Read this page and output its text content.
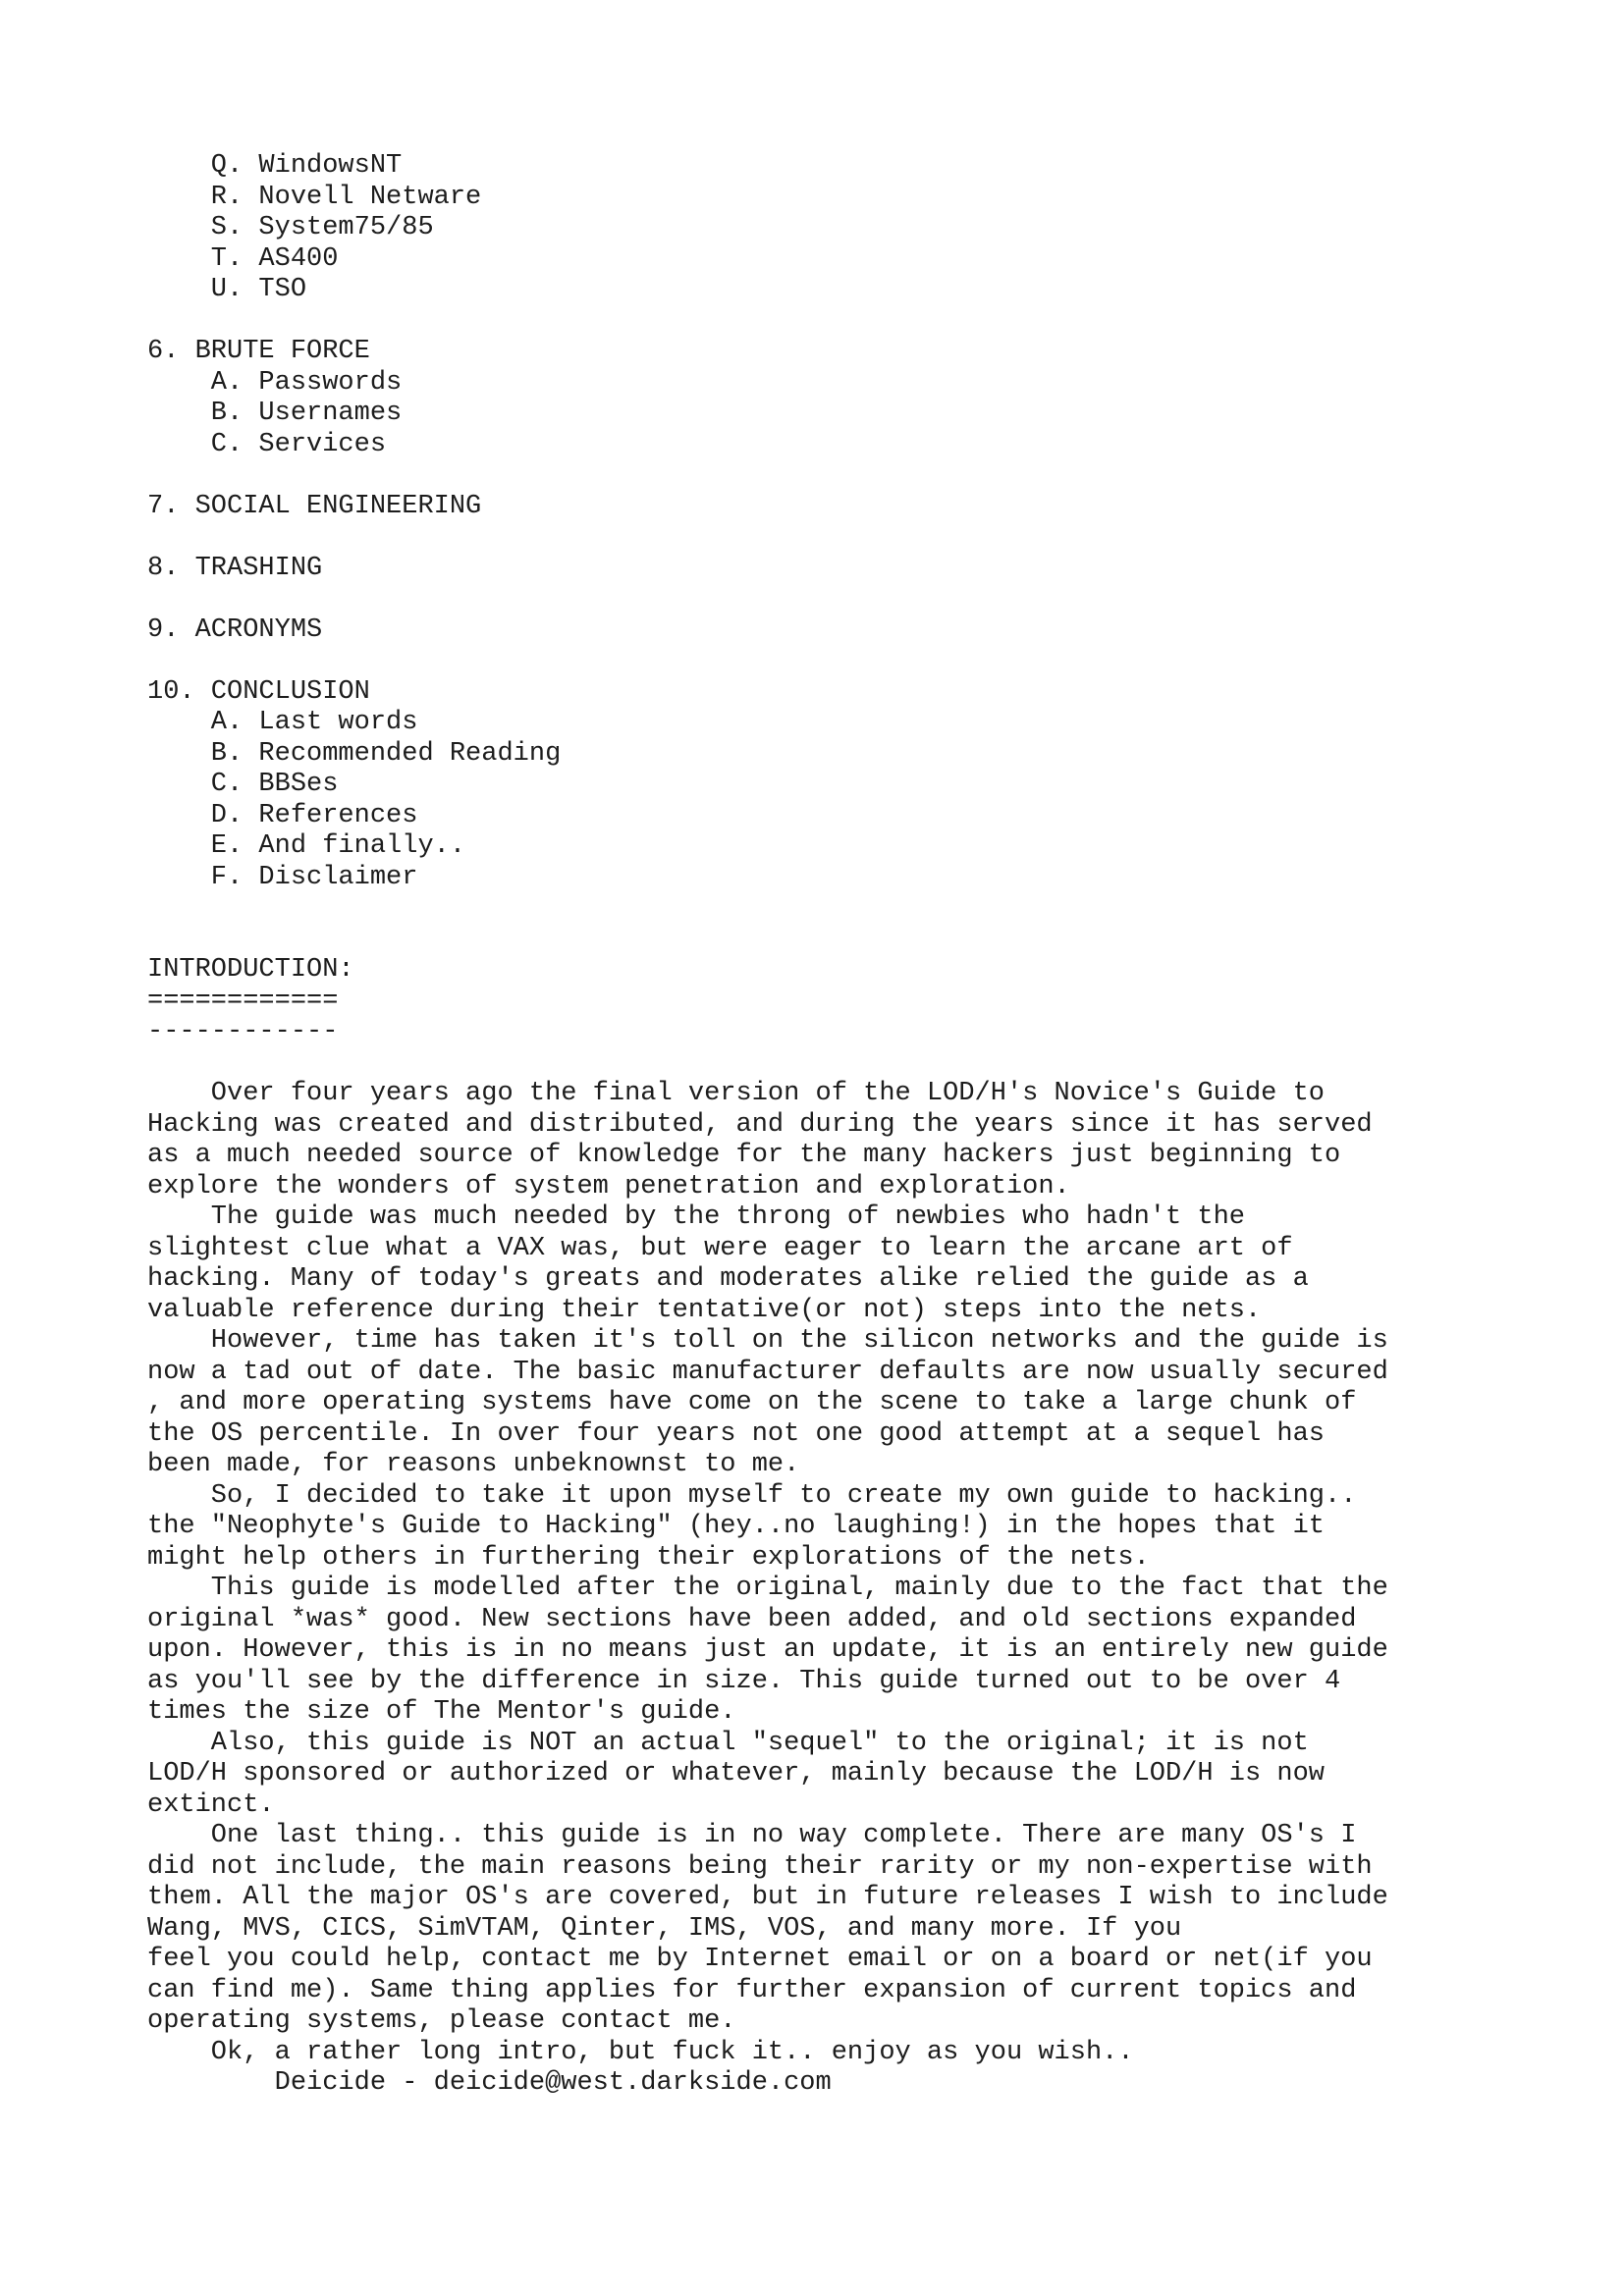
Q. WindowsNT
R. Novell Netware
S. System75/85
T. AS400
U. TSO

6. BRUTE FORCE
A. Passwords
B. Usernames
C. Services

7. SOCIAL ENGINEERING

8. TRASHING

9. ACRONYMS

10. CONCLUSION
A. Last words
B. Recommended Reading
C. BBSes
D. References
E. And finally..
F. Disclaimer

INTRODUCTION:
============
------------

Over four years ago the final version of the LOD/H's Novice's Guide to
Hacking was created and distributed, and during the years since it has served
as a much needed source of knowledge for the many hackers just beginning to
explore the wonders of system penetration and exploration.
The guide was much needed by the throng of newbies who hadn't the
slightest clue what a VAX was, but were eager to learn the arcane art of
hacking. Many of today's greats and moderates alike relied the guide as a
valuable reference during their tentative(or not) steps into the nets.
However, time has taken it's toll on the silicon networks and the guide is
now a tad out of date. The basic manufacturer defaults are now usually secured
, and more operating systems have come on the scene to take a large chunk of
the OS percentile. In over four years not one good attempt at a sequel has
been made, for reasons unbeknownst to me.
So, I decided to take it upon myself to create my own guide to hacking..
the "Neophyte's Guide to Hacking" (hey..no laughing!) in the hopes that it
might help others in furthering their explorations of the nets.
This guide is modelled after the original, mainly due to the fact that the
original *was* good. New sections have been added, and old sections expanded
upon. However, this is in no means just an update, it is an entirely new guide
as you'll see by the difference in size. This guide turned out to be over 4
times the size of The Mentor's guide.
Also, this guide is NOT an actual "sequel" to the original; it is not
LOD/H sponsored or authorized or whatever, mainly because the LOD/H is now
extinct.
One last thing.. this guide is in no way complete. There are many OS's I
did not include, the main reasons being their rarity or my non-expertise with
them. All the major OS's are covered, but in future releases I wish to include
Wang, MVS, CICS, SimVTAM, Qinter, IMS, VOS, and many more. If you
feel you could help, contact me by Internet email or on a board or net(if you
can find me). Same thing applies for further expansion of current topics and
operating systems, please contact me.
Ok, a rather long intro, but fuck it.. enjoy as you wish..
Deicide - deicide@west.darkside.com
